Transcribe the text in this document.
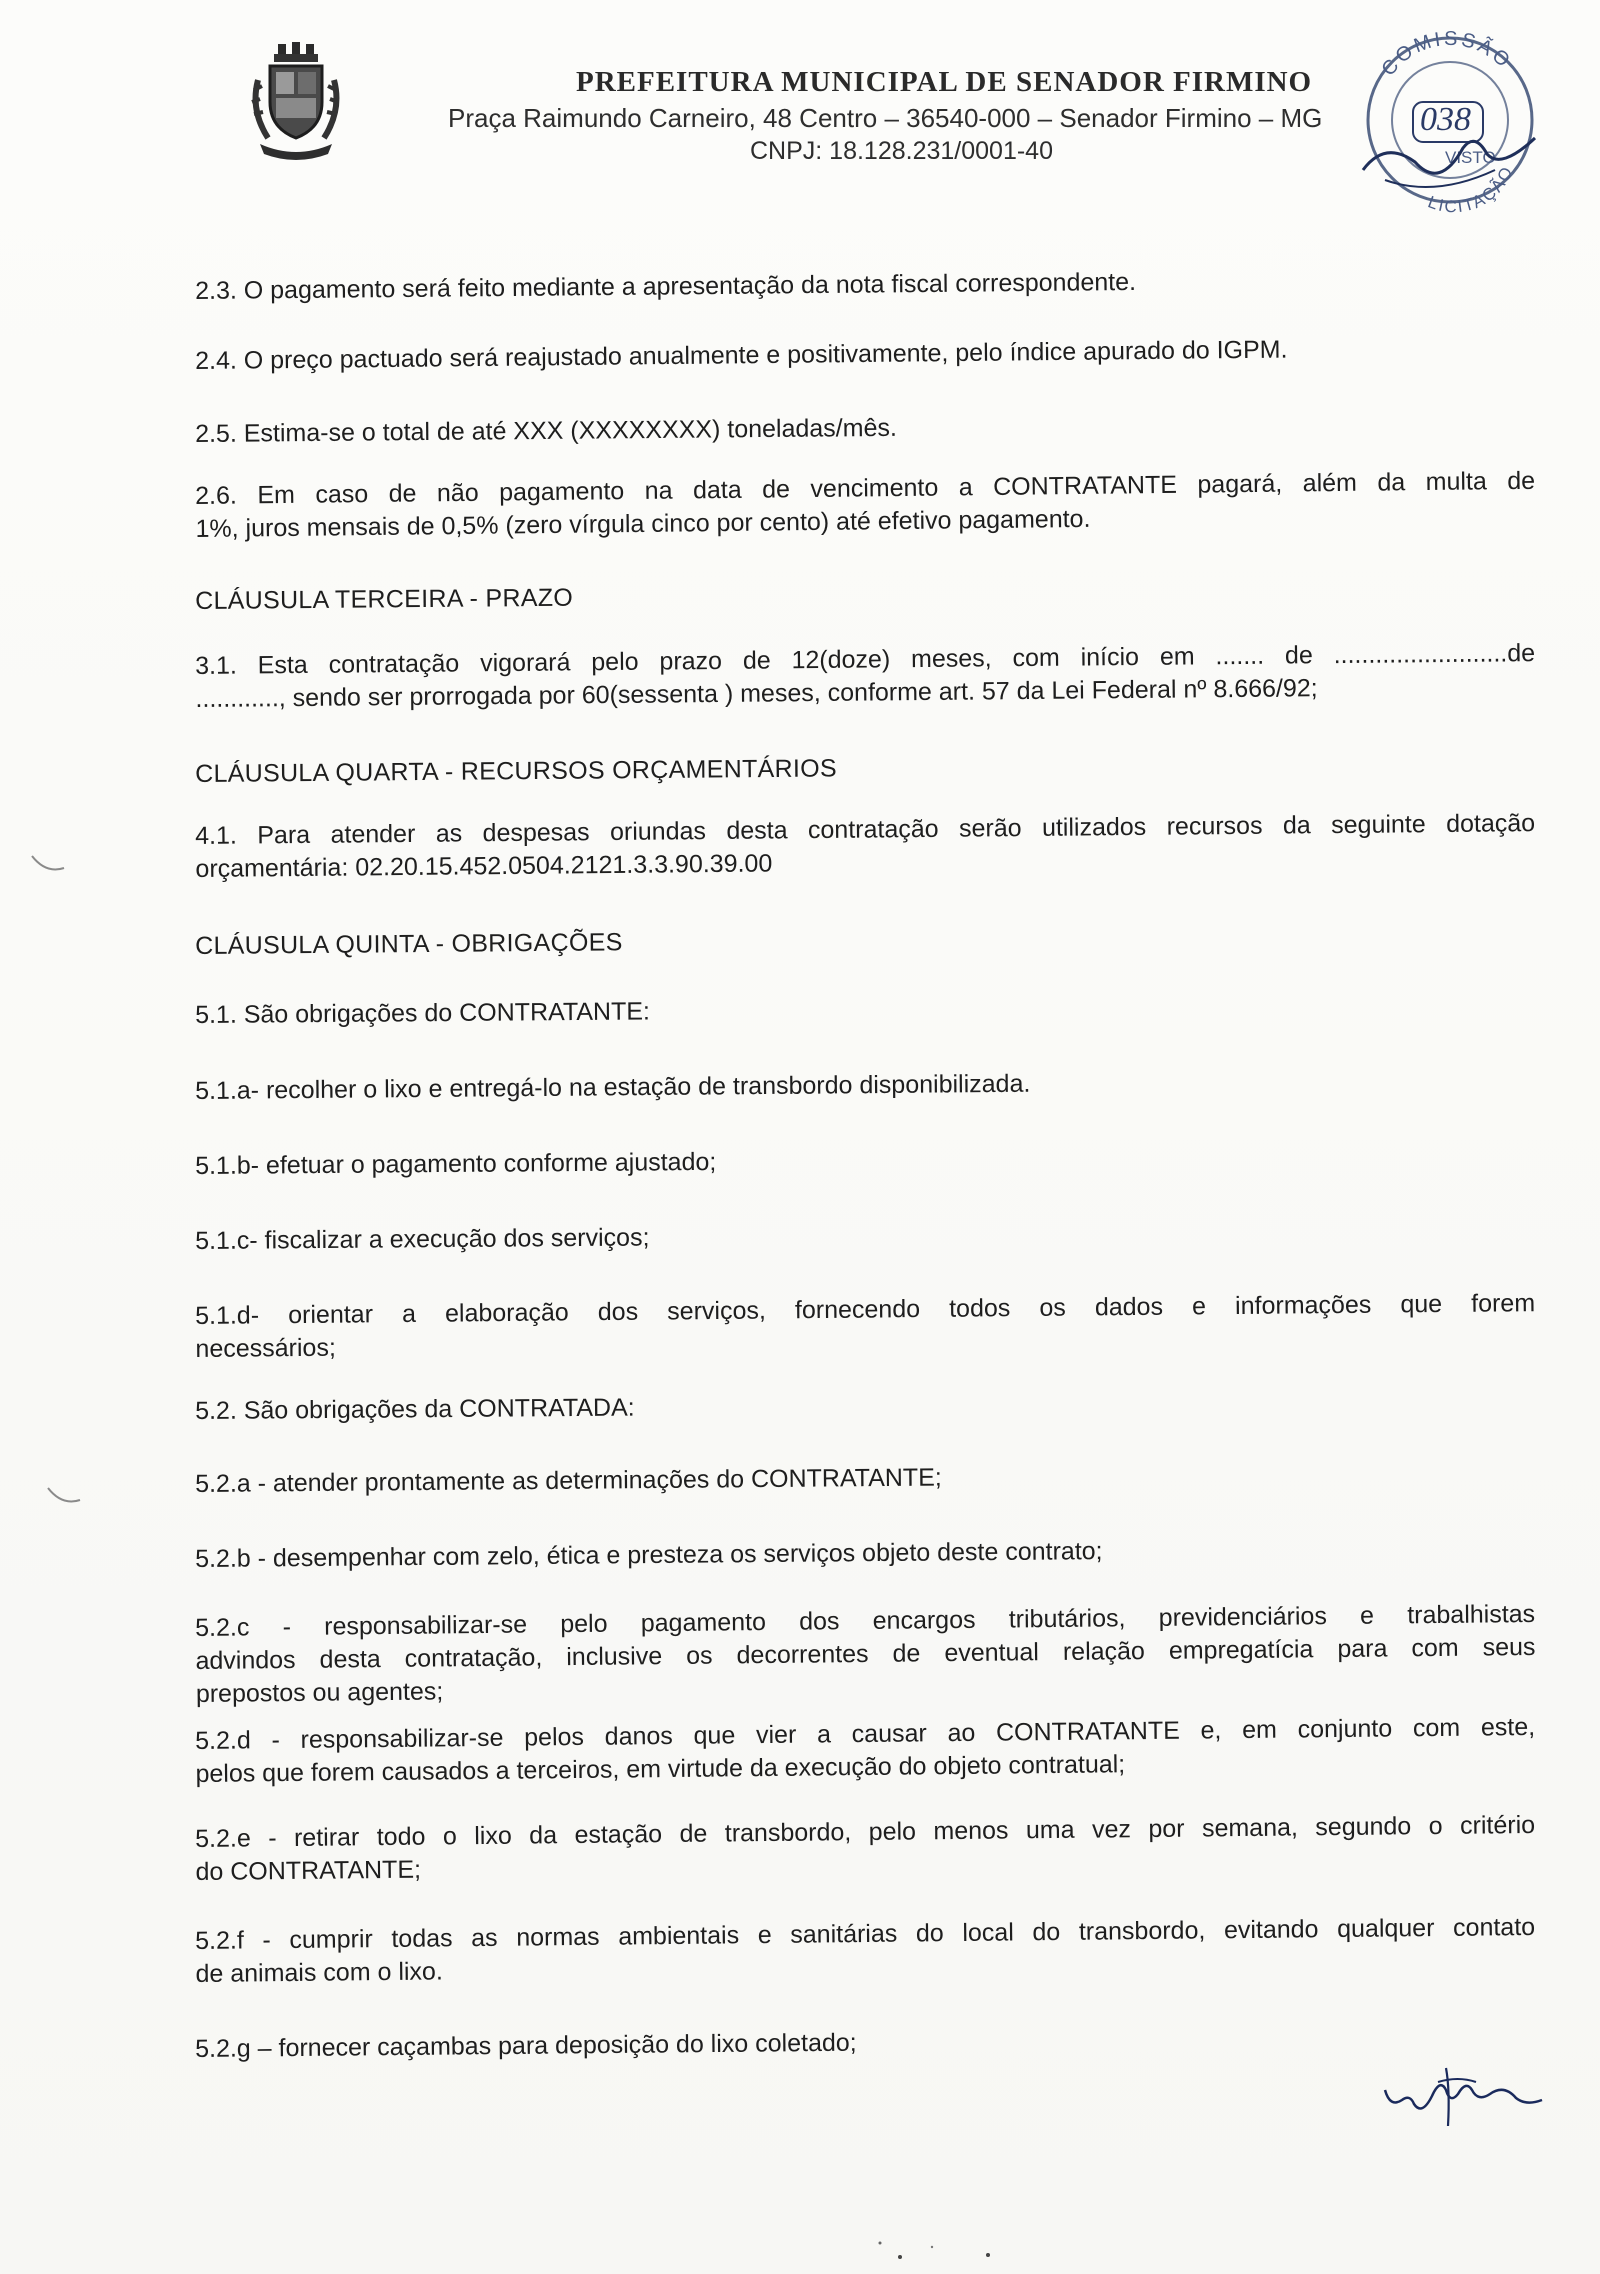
PREFEITURA MUNICIPAL DE SENADOR FIRMINO
Praça Raimundo Carneiro, 48 Centro – 36540-000 – Senador Firmino – MG
CNPJ: 18.128.231/0001-40
COMISSÃO
038
VISTO
LICITAÇÃO
2.3. O pagamento será feito mediante a apresentação da nota fiscal correspondente.
2.4. O preço pactuado será reajustado anualmente e positivamente, pelo índice apurado do IGPM.
2.5. Estima-se o total de até XXX (XXXXXXXX) toneladas/mês.
2.6. Em caso de não pagamento na data de vencimento a CONTRATANTE pagará, além da multa de
1%, juros mensais de 0,5% (zero vírgula cinco por cento) até efetivo pagamento.
CLÁUSULA TERCEIRA - PRAZO
3.1. Esta contratação vigorará pelo prazo de 12(doze) meses, com início em ....... de .........................de
............, sendo ser prorrogada por 60(sessenta ) meses, conforme art. 57 da Lei Federal nº 8.666/92;
CLÁUSULA QUARTA - RECURSOS ORÇAMENTÁRIOS
4.1. Para atender as despesas oriundas desta contratação serão utilizados recursos da seguinte dotação
orçamentária: 02.20.15.452.0504.2121.3.3.90.39.00
CLÁUSULA QUINTA - OBRIGAÇÕES
5.1. São obrigações do CONTRATANTE:
5.1.a- recolher o lixo e entregá-lo na estação de transbordo disponibilizada.
5.1.b- efetuar o pagamento conforme ajustado;
5.1.c- fiscalizar a execução dos serviços;
5.1.d- orientar a elaboração dos serviços, fornecendo todos os dados e informações que forem
necessários;
5.2. São obrigações da CONTRATADA:
5.2.a - atender prontamente as determinações do CONTRATANTE;
5.2.b - desempenhar com zelo, ética e presteza os serviços objeto deste contrato;
5.2.c - responsabilizar-se pelo pagamento dos encargos tributários, previdenciários e trabalhistas
advindos desta contratação, inclusive os decorrentes de eventual relação empregatícia para com seus
prepostos ou agentes;
5.2.d - responsabilizar-se pelos danos que vier a causar ao CONTRATANTE e, em conjunto com este,
pelos que forem causados a terceiros, em virtude da execução do objeto contratual;
5.2.e - retirar todo o lixo da estação de transbordo, pelo menos uma vez por semana, segundo o critério
do CONTRATANTE;
5.2.f - cumprir todas as normas ambientais e sanitárias do local do transbordo, evitando qualquer contato
de animais com o lixo.
5.2.g – fornecer caçambas para deposição do lixo coletado;
